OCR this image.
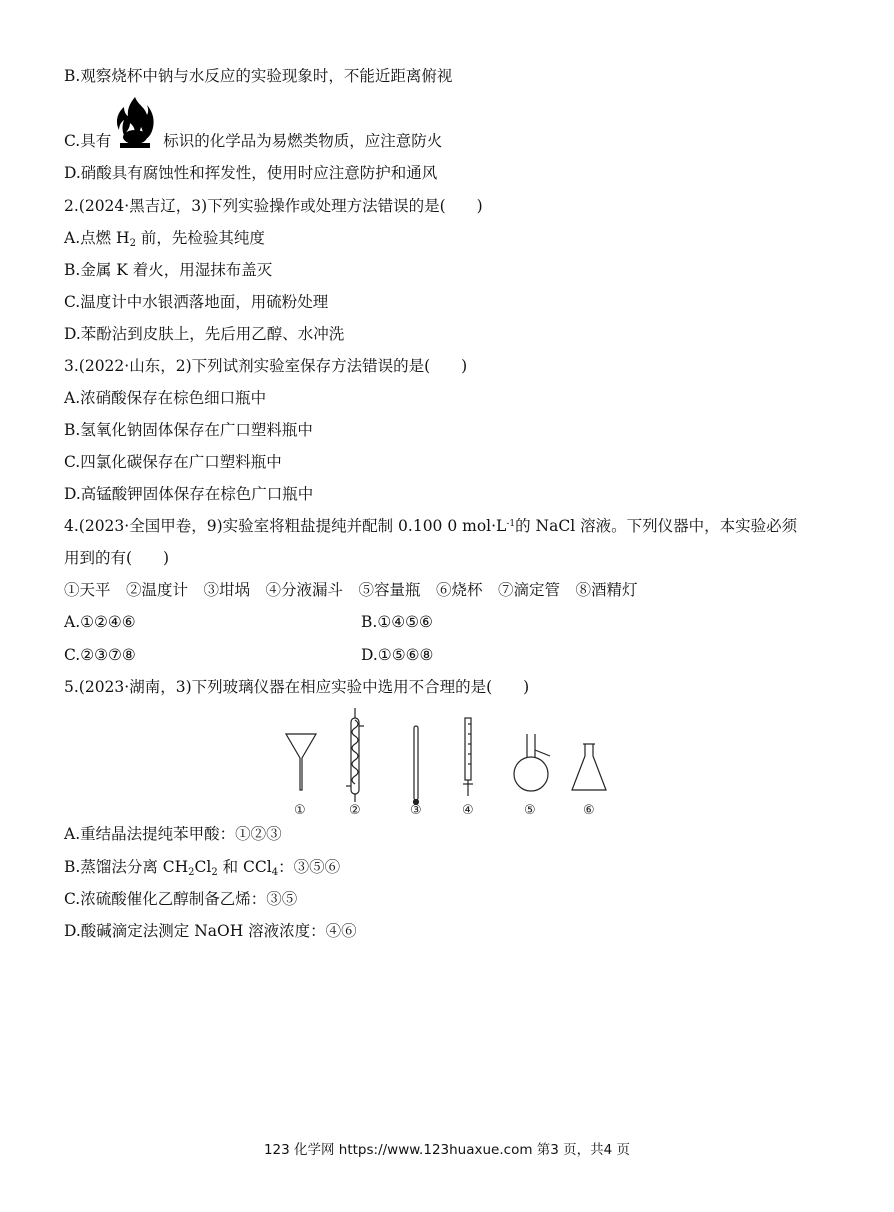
B.观察烧杯中钠与水反应的实验现象时，不能近距离俯视
C.具有	标识的化学品为易燃类物质，应注意防火
D.硝酸具有腐蚀性和挥发性，使用时应注意防护和通风
2.(2024·黑吉辽，3)下列实验操作或处理方法错误的是(　　)
A.点燃 $H_2$ 前，先检验其纯度
B.金属 K 着火，用湿抹布盖灭
C.温度计中水银洒落地面，用硫粉处理
D.苯酚沾到皮肤上，先后用乙醇、水冲洗
3.(2022·山东，2)下列试剂实验室保存方法错误的是(　　)
A.浓硝酸保存在棕色细口瓶中
B.氢氧化钠固体保存在广口塑料瓶中
C.四氯化碳保存在广口塑料瓶中
D.高锰酸钾固体保存在棕色广口瓶中
4.(2023·全国甲卷，9)实验室将粗盐提纯并配制 0.100 0 $mol\cdot L^{-1}$的 NaCl 溶液。下列仪器中，本实验必须
用到的有(　　)
①天平　②温度计　③坩埚　④分液漏斗　⑤容量瓶　⑥烧杯　⑦滴定管　⑧酒精灯
A.①②④⑥	B.①④⑤⑥
C.②③⑦⑧	D.①⑤⑥⑧
5.(2023·湖南，3)下列玻璃仪器在相应实验中选用不合理的是(　　)
①	②	③	④	⑤	⑥
A.重结晶法提纯苯甲酸：①②③
B.蒸馏法分离 $CH_2Cl_2$ 和 CCl$_4$：③⑤⑥
C.浓硫酸催化乙醇制备乙烯：③⑤
D.酸碱滴定法测定 NaOH 溶液浓度：④⑥
123 化学网 https://www.123huaxue.com 第3 页，共4 页
